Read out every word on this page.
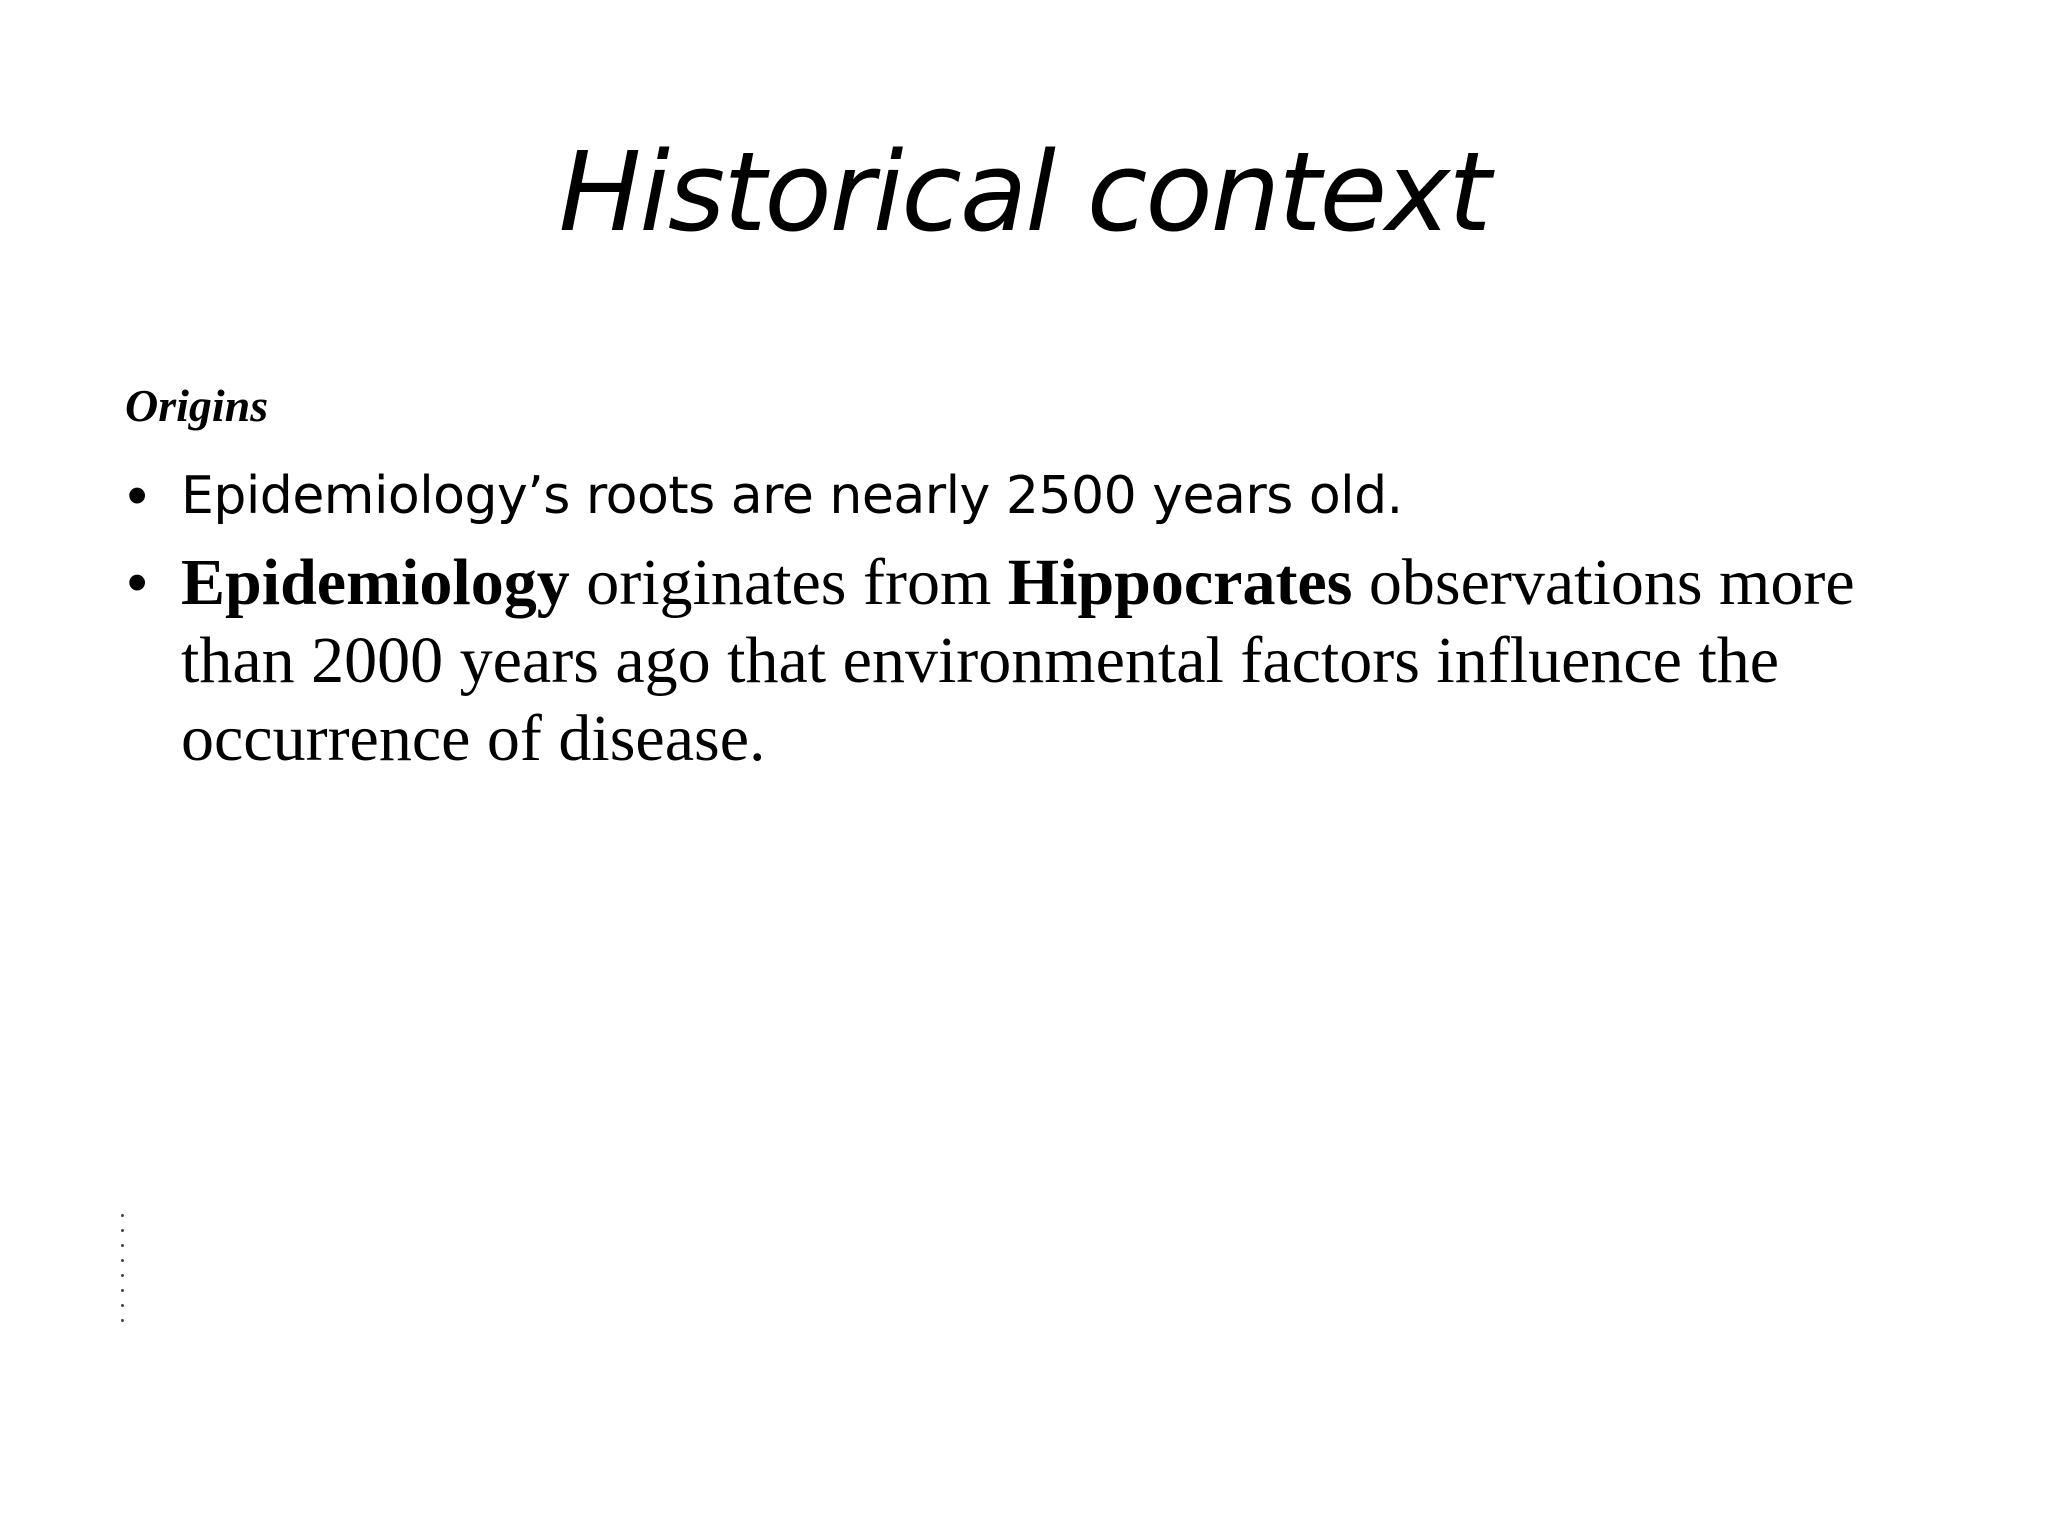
Historical context

Origins

• Epidemiology’s roots are nearly 2500 years old.
• Epidemiology originates from Hippocrates observations more than 2000 years ago that environmental factors influence the occurrence of disease.
